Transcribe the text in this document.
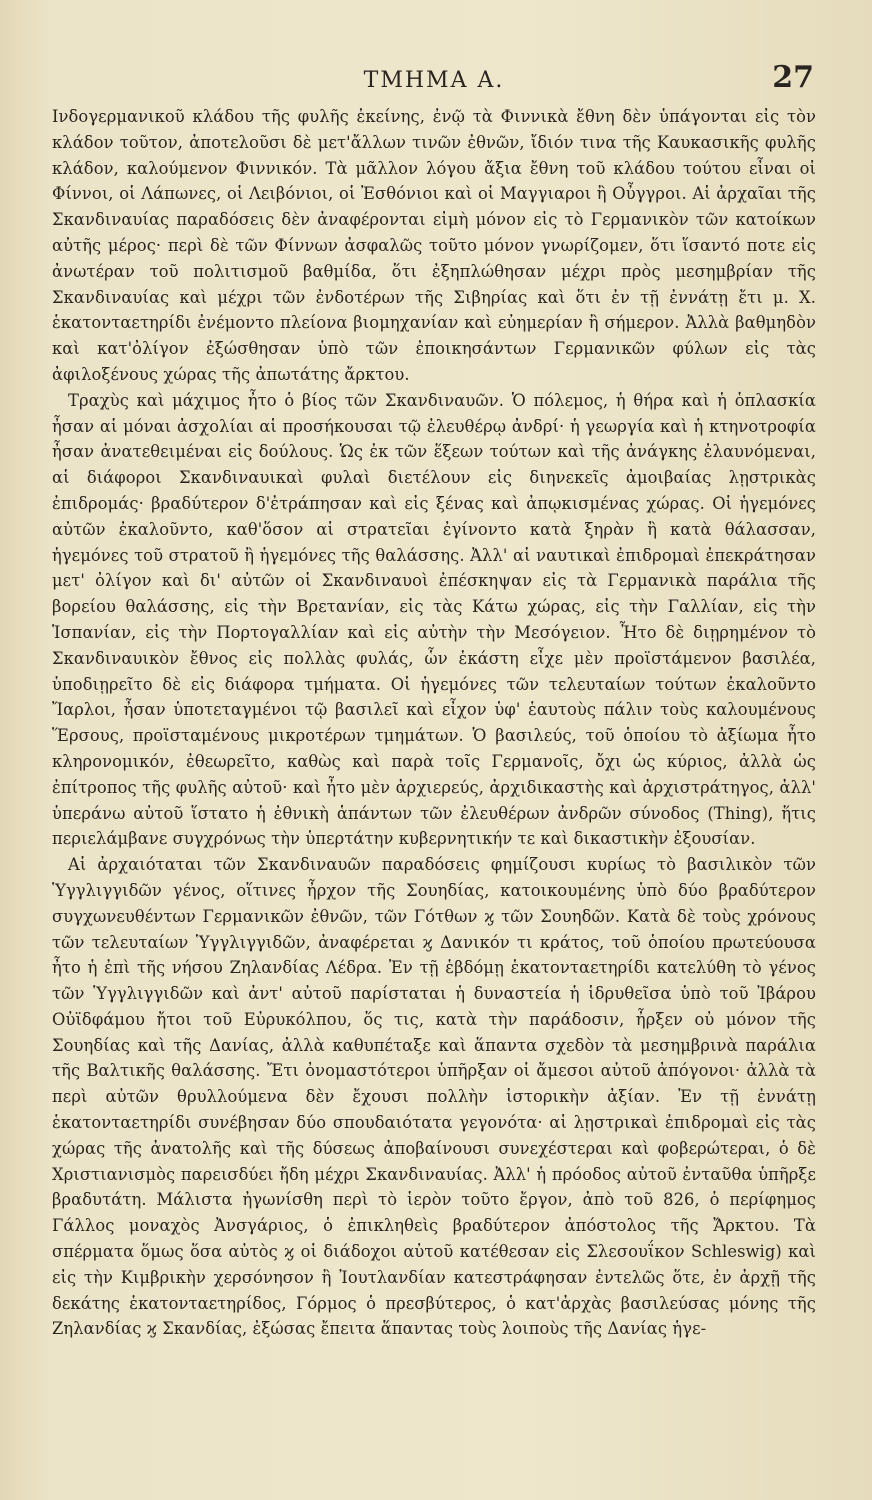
ΤΜΗΜΑ Α.	27

Ινδογερμανικοῦ κλάδου τῆς φυλῆς ἐκείνης, ἐνῷ τὰ Φιννικὰ ἔθνη δὲν ὑπάγονται εἰς τὸν κλάδον τοῦτον, ἀποτελοῦσι δὲ μετ'ἄλλων τινῶν ἐθνῶν, ἴδιόν τινα τῆς Καυκασικῆς φυλῆς κλάδον, καλούμενον Φιννικόν. Τὰ μᾶλλον λόγου ἄξια ἔθνη τοῦ κλάδου τούτου εἶναι οἱ Φίννοι, οἱ Λάπωνες, οἱ Λειβόνιοι, οἱ Ἐσθόνιοι καὶ οἱ Μαγγιαροι ἢ Οὖγγροι. Αἱ ἀρχαῖαι τῆς Σκανδιναυίας παραδόσεις δὲν ἀναφέρονται εἰμὴ μόνον εἰς τὸ Γερμανικὸν τῶν κατοίκων αὐτῆς μέρος· περὶ δὲ τῶν Φίννων ἀσφαλῶς τοῦτο μόνον γνωρίζομεν, ὅτι ἵσαντό ποτε εἰς ἀνωτέραν τοῦ πολιτισμοῦ βαθμίδα, ὅτι ἐξηπλώθησαν μέχρι πρὸς μεσημβρίαν τῆς Σκανδιναυίας καὶ μέχρι τῶν ἐνδοτέρων τῆς Σιβηρίας καὶ ὅτι ἐν τῇ ἐννάτῃ ἔτι μ. Χ. ἑκατονταετηρίδι ἐνέμοντο πλείονα βιομηχανίαν καὶ εὐημερίαν ἢ σήμερον. Ἀλλὰ βαθμηδὸν καὶ κατ'ὀλίγον ἐξώσθησαν ὑπὸ τῶν ἐποικησάντων Γερμανικῶν φύλων εἰς τὰς ἀφιλοξένους χώρας τῆς ἀπωτάτης ἄρκτου.

Τραχὺς καὶ μάχιμος ἦτο ὁ βίος τῶν Σκανδιναυῶν. Ὁ πόλεμος, ἡ θήρα καὶ ἡ ὁπλασκία ἦσαν αἱ μόναι ἀσχολίαι αἱ προσήκουσαι τῷ ἐλευθέρῳ ἀνδρί· ἡ γεωργία καὶ ἡ κτηνοτροφία ἦσαν ἀνατεθειμέναι εἰς δούλους. Ὡς ἐκ τῶν ἕξεων τούτων καὶ τῆς ἀνάγκης ἐλαυνόμεναι, αἱ διάφοροι Σκανδιναυικαὶ φυλαὶ διετέλουν εἰς διηνεκεῖς ἀμοιβαίας λῃστρικὰς ἐπιδρομάς· βραδύτερον δ'ἐτράπησαν καὶ εἰς ξένας καὶ ἀπῳκισμένας χώρας. Οἱ ἡγεμόνες αὐτῶν ἐκαλοῦντο, καθ'ὅσον αἱ στρατεῖαι ἐγίνοντο κατὰ ξηρὰν ἢ κατὰ θάλασσαν, ἡγεμόνες τοῦ στρατοῦ ἢ ἡγεμόνες τῆς θαλάσσης. Ἀλλ' αἱ ναυτικαὶ ἐπιδρομαὶ ἐπεκράτησαν μετ' ὀλίγον καὶ δι' αὐτῶν οἱ Σκανδιναυοὶ ἐπέσκηψαν εἰς τὰ Γερμανικὰ παράλια τῆς βορείου θαλάσσης, εἰς τὴν Βρετανίαν, εἰς τὰς Κάτω χώρας, εἰς τὴν Γαλλίαν, εἰς τὴν Ἱσπανίαν, εἰς τὴν Πορτογαλλίαν καὶ εἰς αὐτὴν τὴν Μεσόγειον. Ἦτο δὲ διῃρημένον τὸ Σκανδιναυικὸν ἔθνος εἰς πολλὰς φυλάς, ὧν ἑκάστη εἶχε μὲν προϊστάμενον βασιλέα, ὑποδιῃρεῖτο δὲ εἰς διάφορα τμήματα. Οἱ ἡγεμόνες τῶν τελευταίων τούτων ἐκαλοῦντο Ἴαρλοι, ἦσαν ὑποτεταγμένοι τῷ βασιλεῖ καὶ εἶχον ὑφ' ἑαυτοὺς πάλιν τοὺς καλουμένους Ἕρσους, προϊσταμένους μικροτέρων τμημάτων. Ὁ βασιλεύς, τοῦ ὁποίου τὸ ἀξίωμα ἦτο κληρονομικόν, ἐθεωρεῖτο, καθὼς καὶ παρὰ τοῖς Γερμανοῖς, ὄχι ὡς κύριος, ἀλλὰ ὡς ἐπίτροπος τῆς φυλῆς αὐτοῦ· καὶ ἦτο μὲν ἀρχιερεύς, ἀρχιδικαστὴς καὶ ἀρχιστράτηγος, ἀλλ' ὑπεράνω αὐτοῦ ἵστατο ἡ ἐθνικὴ ἁπάντων τῶν ἐλευθέρων ἀνδρῶν σύνοδος (Thing), ἥτις περιελάμβανε συγχρόνως τὴν ὑπερτάτην κυβερνητικήν τε καὶ δικαστικὴν ἐξουσίαν.

Αἱ ἀρχαιόταται τῶν Σκανδιναυῶν παραδόσεις φημίζουσι κυρίως τὸ βασιλικὸν τῶν Ὑγγλιγγιδῶν γένος, οἵτινες ἦρχον τῆς Σουηδίας, κατοικουμένης ὑπὸ δύο βραδύτερον συγχωνευθέντων Γερμανικῶν ἐθνῶν, τῶν Γότθων ϗ τῶν Σουηδῶν. Κατὰ δὲ τοὺς χρόνους τῶν τελευταίων Ὑγγλιγγιδῶν, ἀναφέρεται ϗ Δανικόν τι κράτος, τοῦ ὁποίου πρωτεύουσα ἦτο ἡ ἐπὶ τῆς νήσου Ζηλανδίας Λέδρα. Ἐν τῇ ἑβδόμῃ ἑκατονταετηρίδι κατελύθη τὸ γένος τῶν Ὑγγλιγγιδῶν καὶ ἀντ' αὐτοῦ παρίσταται ἡ δυναστεία ἡ ἱδρυθεῖσα ὑπὸ τοῦ Ἰβάρου Οὐϊδφάμου ἤτοι τοῦ Εὐρυκόλπου, ὅς τις, κατὰ τὴν παράδοσιν, ἦρξεν οὐ μόνον τῆς Σουηδίας καὶ τῆς Δανίας, ἀλλὰ καθυπέταξε καὶ ἅπαντα σχεδὸν τὰ μεσημβρινὰ παράλια τῆς Βαλτικῆς θαλάσσης. Ἔτι ὀνομαστότεροι ὑπῆρξαν οἱ ἄμεσοι αὐτοῦ ἀπόγονοι· ἀλλὰ τὰ περὶ αὐτῶν θρυλλούμενα δὲν ἔχουσι πολλὴν ἱστορικὴν ἀξίαν. Ἐν τῇ ἐννάτῃ ἑκατονταετηρίδι συνέβησαν δύο σπουδαιότατα γεγονότα· αἱ λῃστρικαὶ ἐπιδρομαὶ εἰς τὰς χώρας τῆς ἀνατολῆς καὶ τῆς δύσεως ἀποβαίνουσι συνεχέστεραι καὶ φοβερώτεραι, ὁ δὲ Χριστιανισμὸς παρεισδύει ἤδη μέχρι Σκανδιναυίας. Ἀλλ' ἡ πρόοδος αὐτοῦ ἐνταῦθα ὑπῆρξε βραδυτάτη. Μάλιστα ἠγωνίσθη περὶ τὸ ἱερὸν τοῦτο ἔργον, ἀπὸ τοῦ 826, ὁ περίφημος Γάλλος μοναχὸς Ἀνσγάριος, ὁ ἐπικληθεὶς βραδύτερον ἀπόστολος τῆς Ἄρκτου. Τὰ σπέρματα ὅμως ὅσα αὐτὸς ϗ οἱ διάδοχοι αὐτοῦ κατέθεσαν εἰς Σλεσουΐκον Schleswig) καὶ εἰς τὴν Κιμβρικὴν χερσόνησον ἢ Ἰουτλανδίαν κατεστράφησαν ἐντελῶς ὅτε, ἐν ἀρχῇ τῆς δεκάτης ἑκατονταετηρίδος, Γόρμος ὁ πρεσβύτερος, ὁ κατ'ἀρχὰς βασιλεύσας μόνης τῆς Ζηλανδίας ϗ Σκανδίας, ἐξώσας ἔπειτα ἅπαντας τοὺς λοιποὺς τῆς Δανίας ἡγε-
